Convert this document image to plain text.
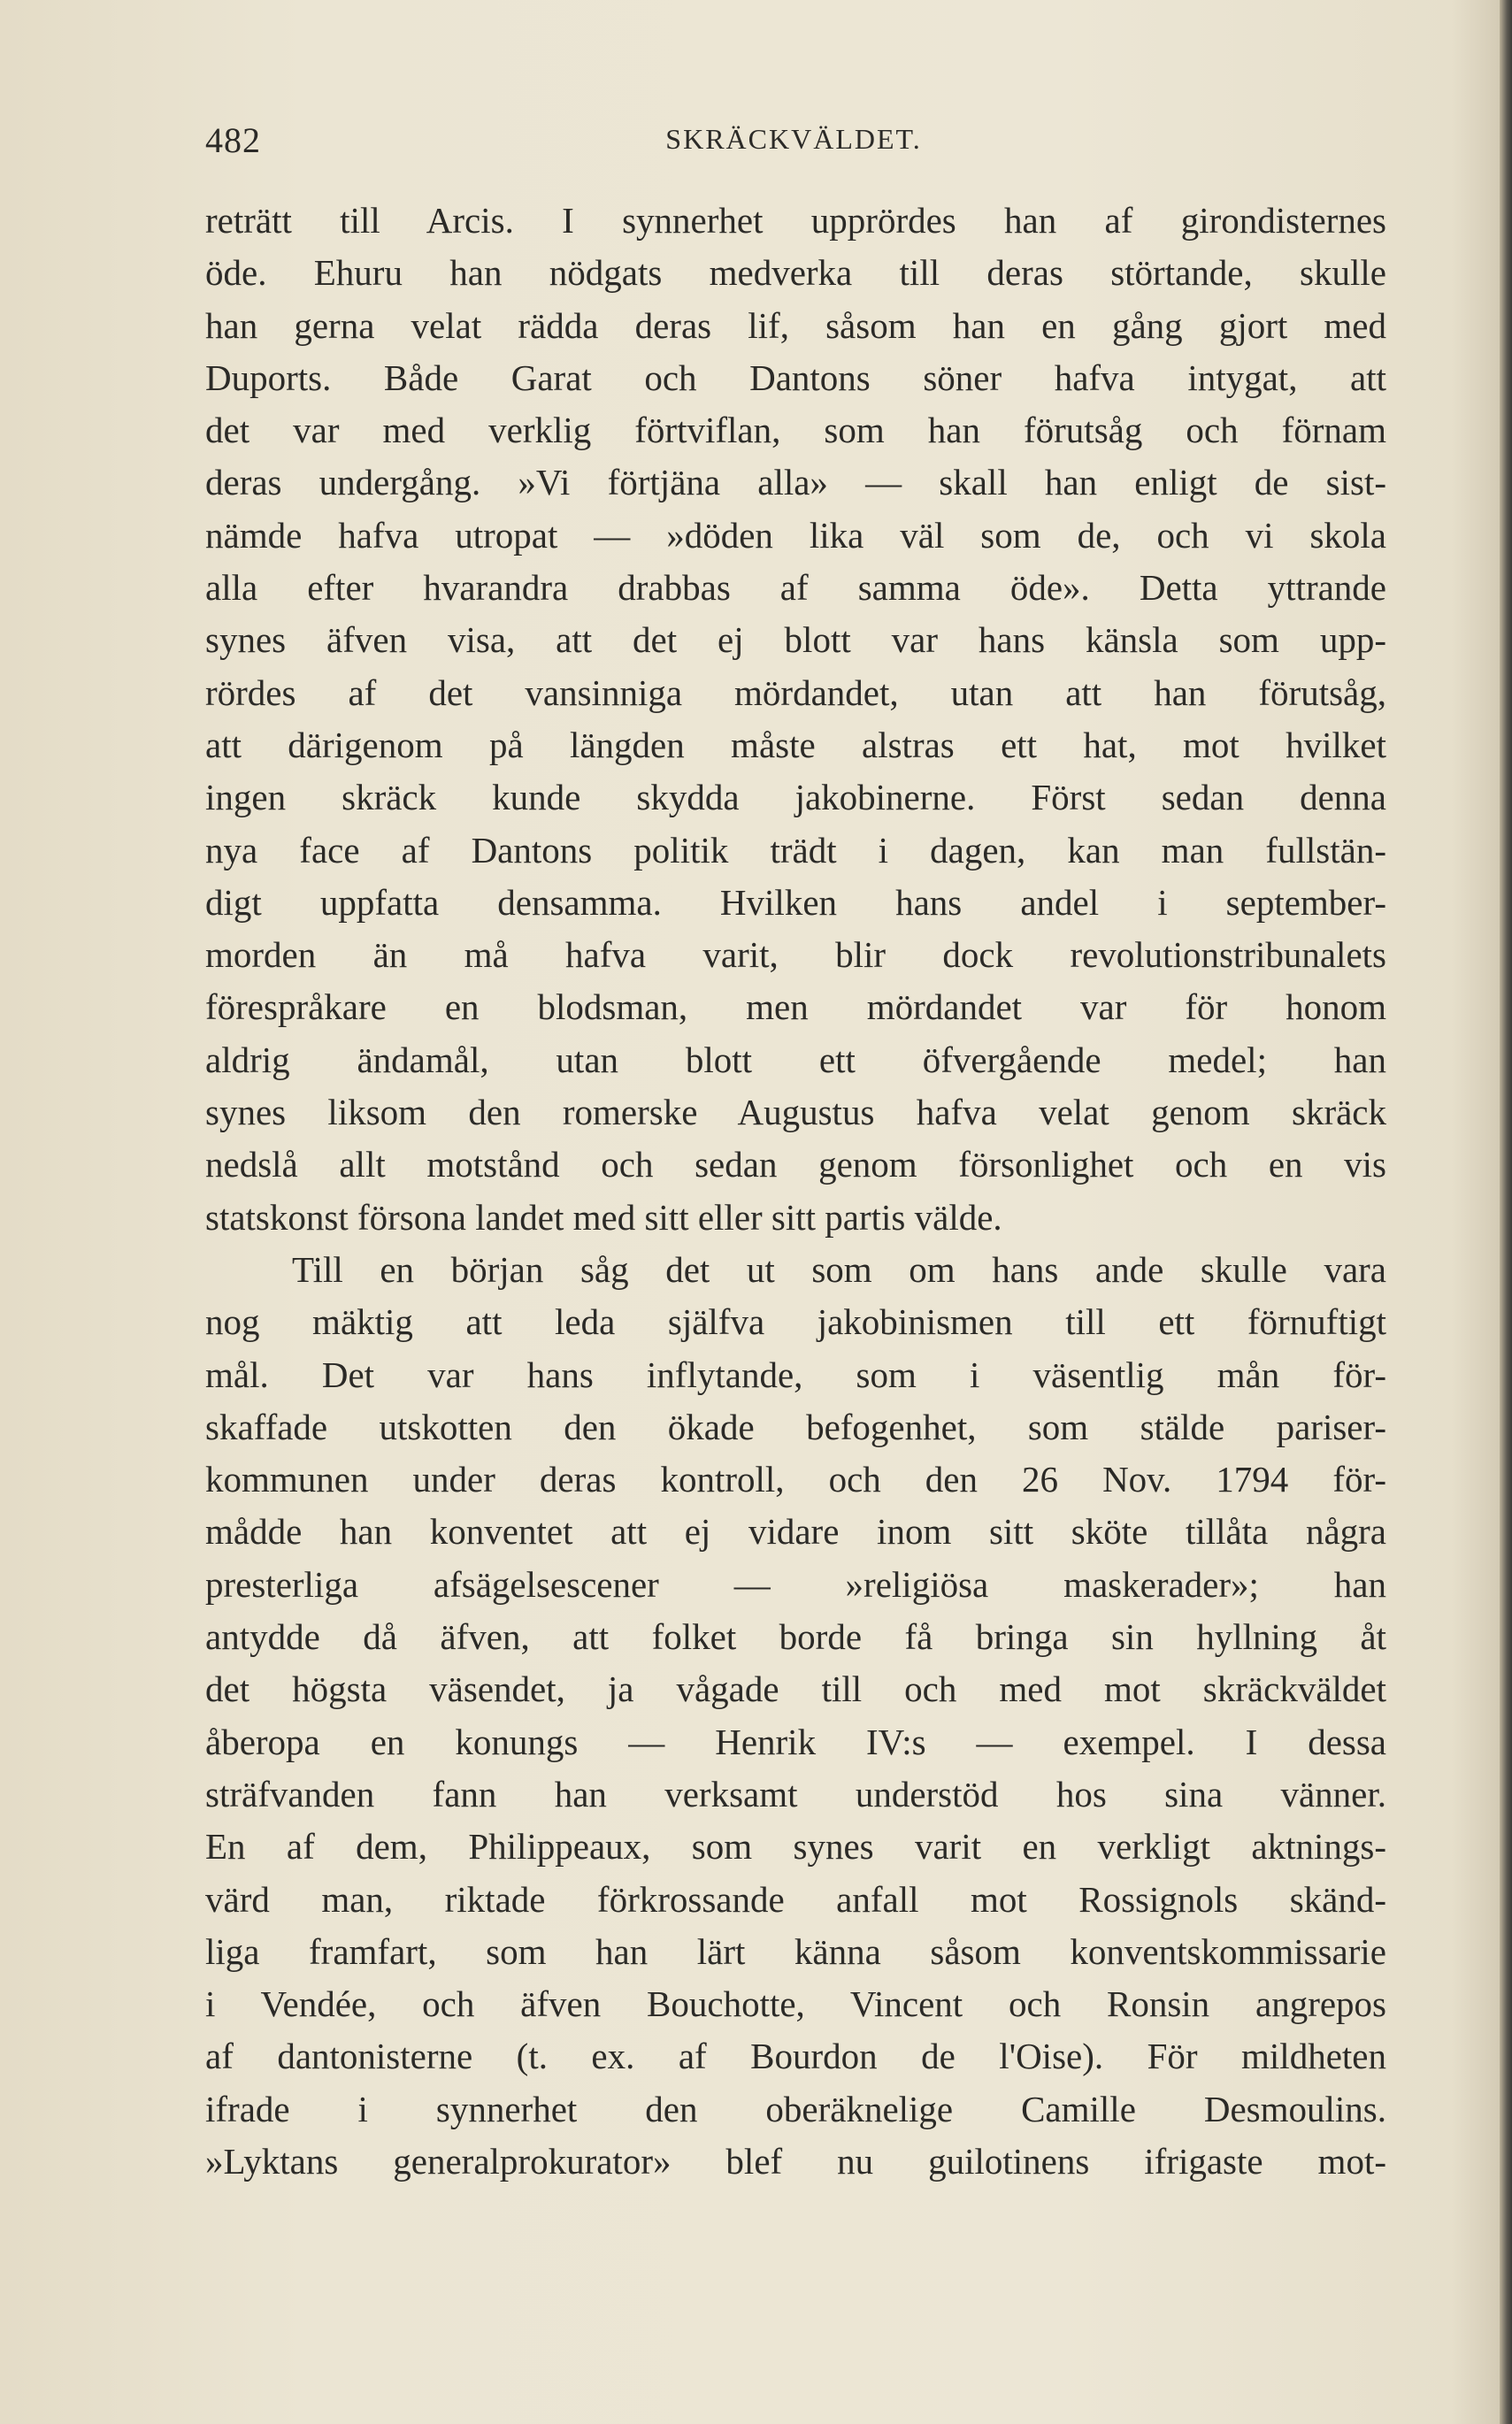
482	SKRÄCKVÄLDET.
reträtt till Arcis. I synnerhet upprördes han af girondisternes
öde. Ehuru han nödgats medverka till deras störtande, skulle
han gerna velat rädda deras lif, såsom han en gång gjort med
Duports. Både Garat och Dantons söner hafva intygat, att
det var med verklig förtviflan, som han förutsåg och förnam
deras undergång. »Vi förtjäna alla» — skall han enligt de sist-
nämde hafva utropat — »döden lika väl som de, och vi skola
alla efter hvarandra drabbas af samma öde». Detta yttrande
synes äfven visa, att det ej blott var hans känsla som upp-
rördes af det vansinniga mördandet, utan att han förutsåg,
att därigenom på längden måste alstras ett hat, mot hvilket
ingen skräck kunde skydda jakobinerne. Först sedan denna
nya face af Dantons politik trädt i dagen, kan man fullstän-
digt uppfatta densamma. Hvilken hans andel i september-
morden än må hafva varit, blir dock revolutionstribunalets
förespråkare en blodsman, men mördandet var för honom
aldrig ändamål, utan blott ett öfvergående medel; han
synes liksom den romerske Augustus hafva velat genom skräck
nedslå allt motstånd och sedan genom försonlighet och en vis
statskonst försona landet med sitt eller sitt partis välde.
Till en början såg det ut som om hans ande skulle vara
nog mäktig att leda själfva jakobinismen till ett förnuftigt
mål. Det var hans inflytande, som i väsentlig mån för-
skaffade utskotten den ökade befogenhet, som stälde pariser-
kommunen under deras kontroll, och den 26 Nov. 1794 för-
mådde han konventet att ej vidare inom sitt sköte tillåta några
presterliga afsägelsescener — »religiösa maskerader»; han
antydde då äfven, att folket borde få bringa sin hyllning åt
det högsta väsendet, ja vågade till och med mot skräckväldet
åberopa en konungs — Henrik IV:s — exempel. I dessa
sträfvanden fann han verksamt understöd hos sina vänner.
En af dem, Philippeaux, som synes varit en verkligt aktnings-
värd man, riktade förkrossande anfall mot Rossignols skänd-
liga framfart, som han lärt känna såsom konventskommissarie
i Vendée, och äfven Bouchotte, Vincent och Ronsin angrepos
af dantonisterne (t. ex. af Bourdon de l'Oise). För mildheten
ifrade i synnerhet den oberäknelige Camille Desmoulins.
»Lyktans generalprokurator» blef nu guilotinens ifrigaste mot-
